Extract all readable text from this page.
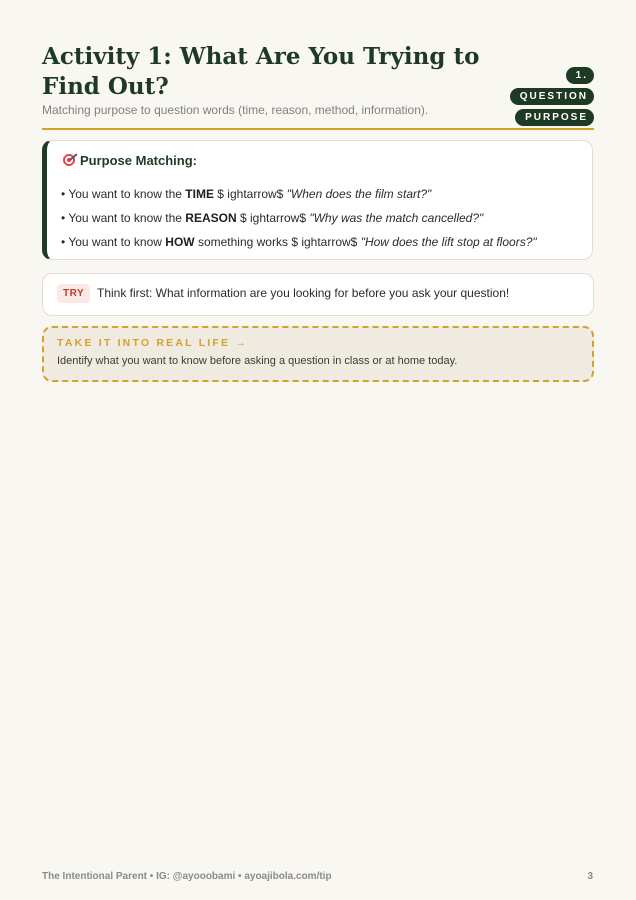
Activity 1: What Are You Trying to Find Out?	1. QUESTION PURPOSE
Matching purpose to question words (time, reason, method, information).
Purpose Matching:
• You want to know the TIME $ ightarrow$ "When does the film start?"
• You want to know the REASON $ ightarrow$ "Why was the match cancelled?"
• You want to know HOW something works $ ightarrow$ "How does the lift stop at floors?"
TRY	Think first: What information are you looking for before you ask your question!
TAKE IT INTO REAL LIFE →
Identify what you want to know before asking a question in class or at home today.
The Intentional Parent • IG: @ayooobami • ayoajibola.com/tip	3
